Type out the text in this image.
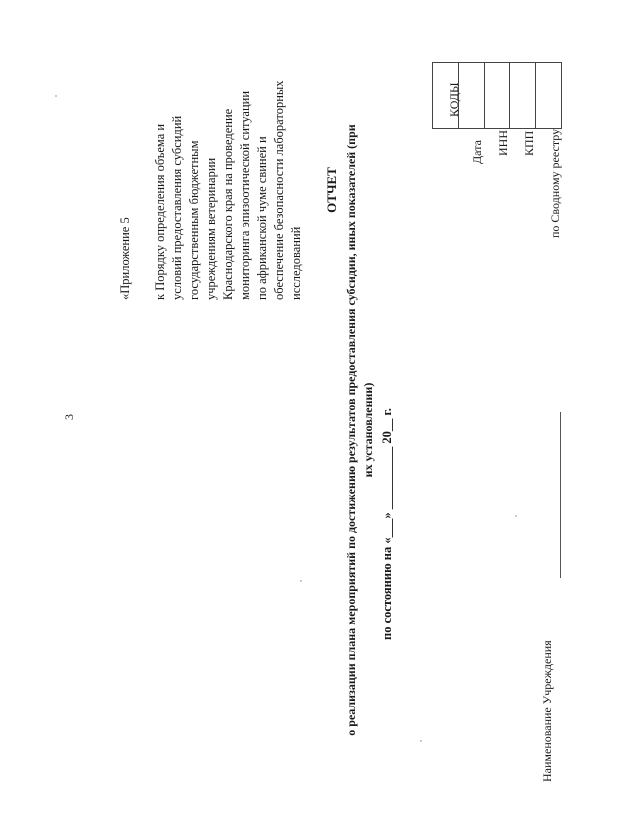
3
«Приложение 5 к Порядку определения объема и условий предоставления субсидий государственным бюджетным учреждениям ветеринарии Краснодарского края на проведение мониторинга эпизоотической ситуации по африканской чуме свиней и обеспечение безопасности лабораторных исследований
ОТЧЕТ о реализации плана мероприятий по достижению результатов предоставления субсидии, иных показателей (при их установлении) по состоянию на «___» __________ 20__ г.
Наименование Учреждения
КОДЫ
Дата ИНН КПП по Сводному реестру
